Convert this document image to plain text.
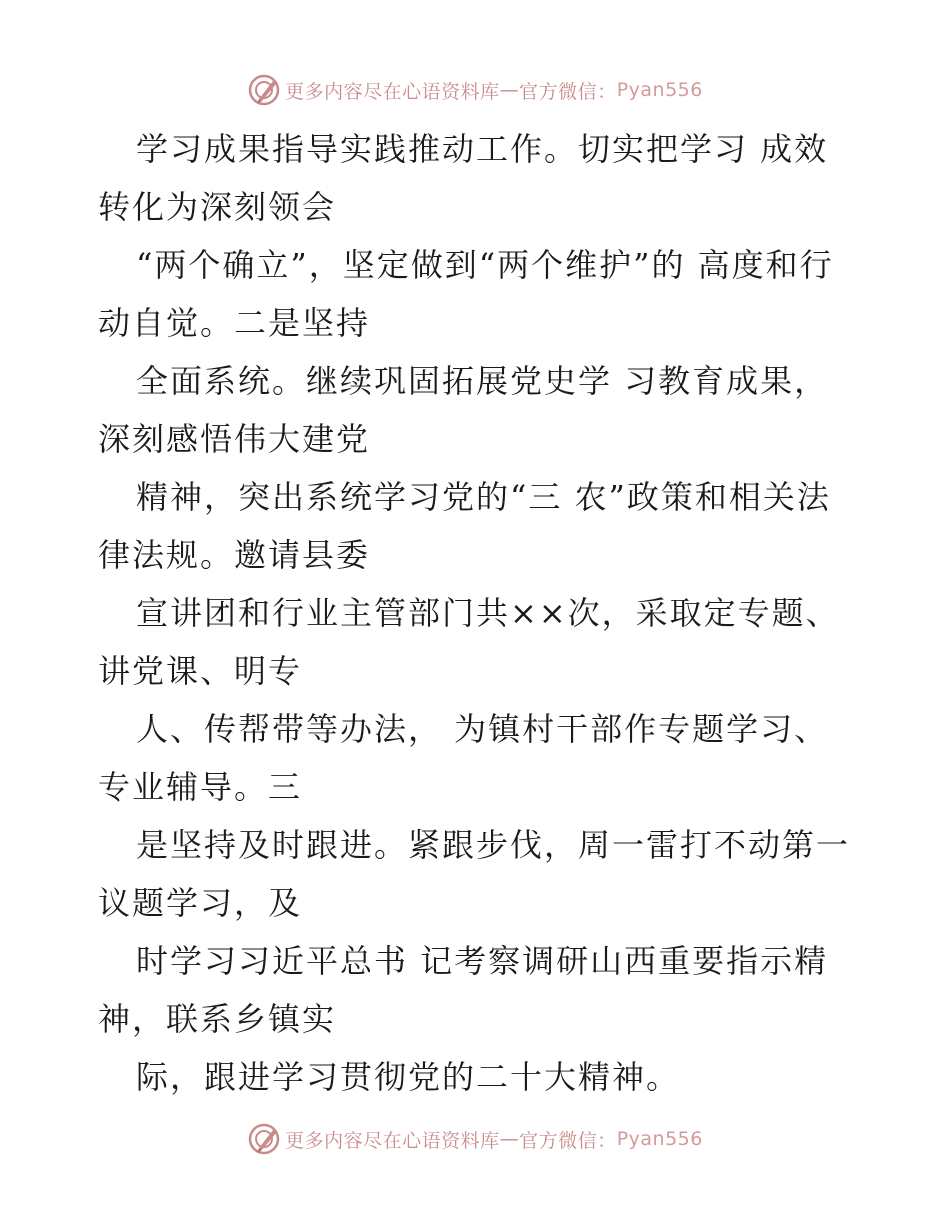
更多内容尽在心语资料库 — 官方微信： Pyan556

学习成果指导实践推动工作。切实把学习 成效转化为深刻领会

“两个确立”，坚定做到“两个维护”的 高度和行动自觉。二是坚持

全面系统。继续巩固拓展党史学 习教育成果，深刻感悟伟大建党

精神，突出系统学习党的“三 农”政策和相关法律法规。邀请县委

宣讲团和行业主管部门共××次，采取定专题、讲党课、明专

人、传帮带等办法， 为镇村干部作专题学习、专业辅导。三

是坚持及时跟进。紧跟步伐，周一雷打不动第一议题学习，及

时学习习近平总书 记考察调研山西重要指示精神，联系乡镇实

际，跟进学习贯彻党的二十大精神。

更多内容尽在心语资料库 — 官方微信： Pyan556
